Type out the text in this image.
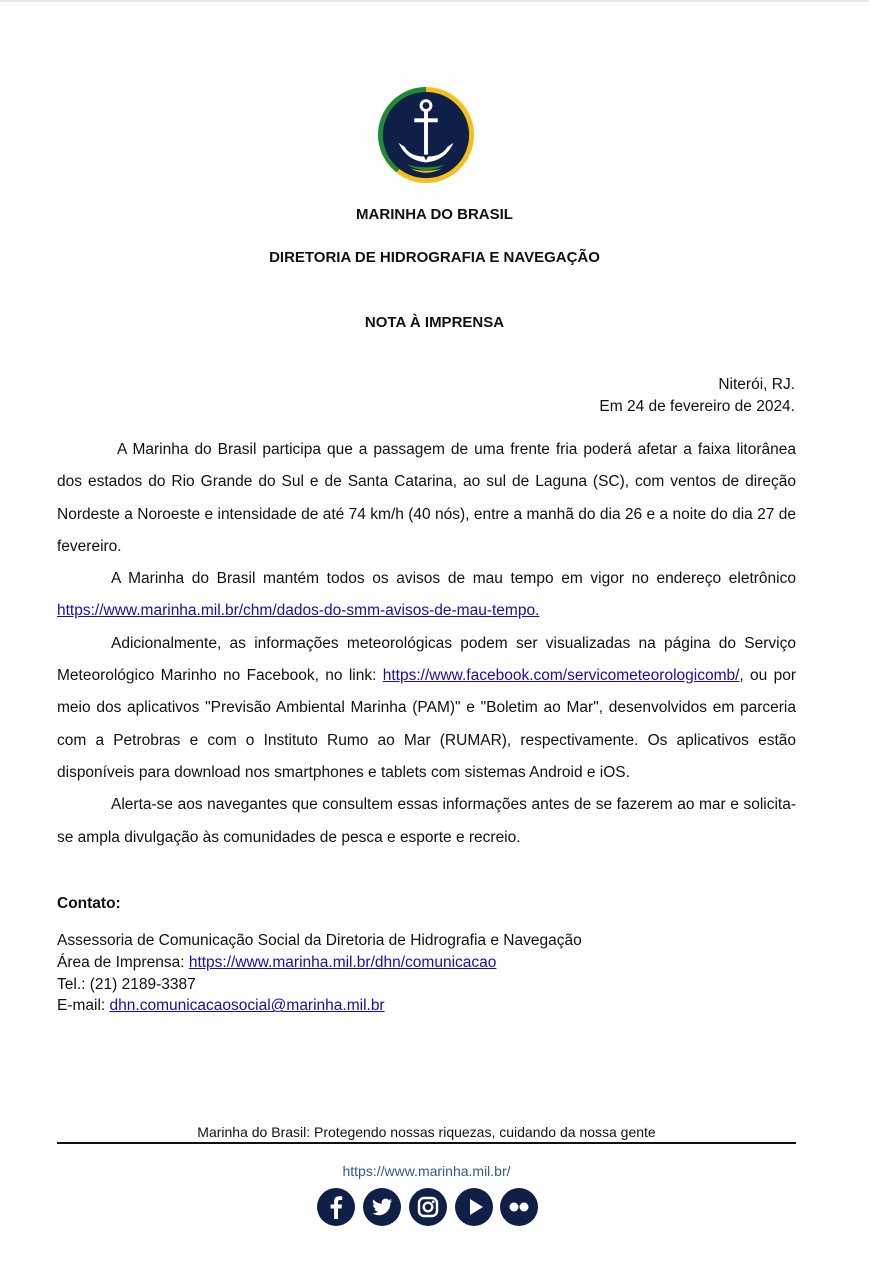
MARINHA DO BRASIL
DIRETORIA DE HIDROGRAFIA E NAVEGAÇÃO
NOTA À IMPRENSA
Niterói, RJ.
Em 24 de fevereiro de 2024.

A Marinha do Brasil participa que a passagem de uma frente fria poderá afetar a faixa litorânea dos estados do Rio Grande do Sul e de Santa Catarina, ao sul de Laguna (SC), com ventos de direção Nordeste a Noroeste e intensidade de até 74 km/h (40 nós), entre a manhã do dia 26 e a noite do dia 27 de fevereiro.

A Marinha do Brasil mantém todos os avisos de mau tempo em vigor no endereço eletrônico https://www.marinha.mil.br/chm/dados-do-smm-avisos-de-mau-tempo.

Adicionalmente, as informações meteorológicas podem ser visualizadas na página do Serviço Meteorológico Marinho no Facebook, no link: https://www.facebook.com/servicometeorologicomb/, ou por meio dos aplicativos "Previsão Ambiental Marinha (PAM)" e "Boletim ao Mar", desenvolvidos em parceria com a Petrobras e com o Instituto Rumo ao Mar (RUMAR), respectivamente. Os aplicativos estão disponíveis para download nos smartphones e tablets com sistemas Android e iOS.

Alerta-se aos navegantes que consultem essas informações antes de se fazerem ao mar e solicita-se ampla divulgação às comunidades de pesca e esporte e recreio.

Contato:
Assessoria de Comunicação Social da Diretoria de Hidrografia e Navegação
Área de Imprensa: https://www.marinha.mil.br/dhn/comunicacao
Tel.: (21) 2189-3387
E-mail: dhn.comunicacaosocial@marinha.mil.br
Marinha do Brasil: Protegendo nossas riquezas, cuidando da nossa gente
https://www.marinha.mil.br/
